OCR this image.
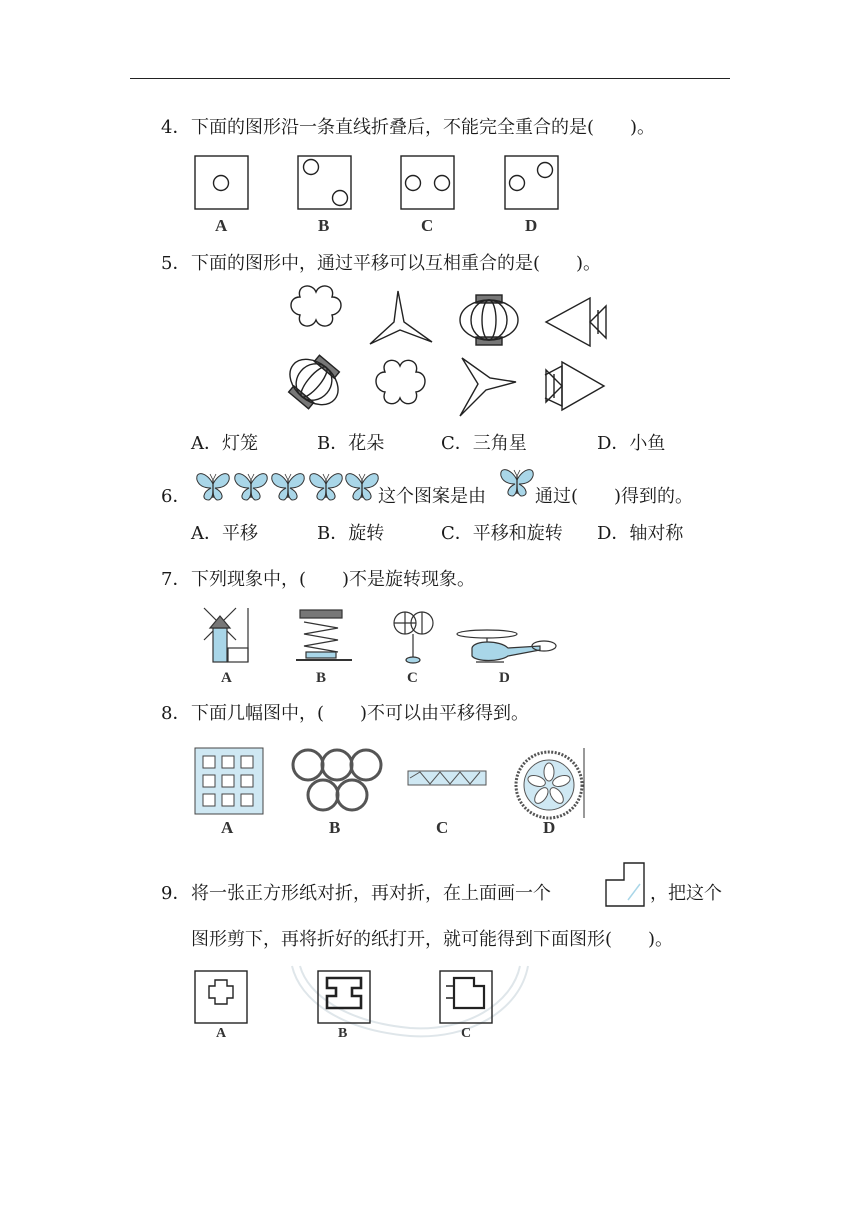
4．下面的图形沿一条直线折叠后，不能完全重合的是(　　)。
A	B	C	D
5．下面的图形中，通过平移可以互相重合的是(　　)。
A．灯笼	B．花朵	C．三角星	D．小鱼
6．	这个图案是由	通过(　　)得到的。
A．平移	B．旋转	C．平移和旋转 D．轴对称
7．下列现象中，(　　)不是旋转现象。
A	B	C	D
8．下面几幅图中，(　　)不可以由平移得到。
A	B	C	D
9．将一张正方形纸对折，再对折，在上面画一个	，把这个
图形剪下，再将折好的纸打开，就可能得到下面图形(　　)。
A	B	C
